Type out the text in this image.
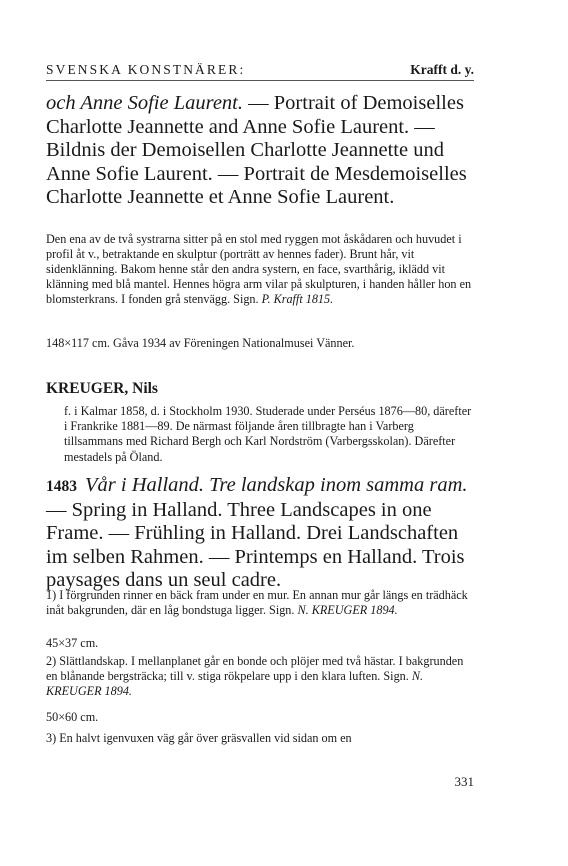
SVENSKA KONSTNÄRER:	Krafft d. y.
och Anne Sofie Laurent. — Portrait of Demoiselles Charlotte Jeannette and Anne Sofie Laurent. — Bildnis der Demoisellen Charlotte Jeannette und Anne Sofie Laurent. — Portrait de Mesdemoiselles Charlotte Jeannette et Anne Sofie Laurent.
Den ena av de två systrarna sitter på en stol med ryggen mot åskådaren och huvudet i profil åt v., betraktande en skulptur (porträtt av hennes fader). Brunt hår, vit sidenklänning. Bakom henne står den andra systern, en face, svarthårig, iklädd vit klänning med blå mantel. Hennes högra arm vilar på skulpturen, i handen håller hon en blomsterkrans. I fonden grå stenvägg. Sign. P. Krafft 1815.
148×117 cm. Gåva 1934 av Föreningen Nationalmusei Vänner.
KREUGER, Nils
f. i Kalmar 1858, d. i Stockholm 1930. Studerade under Perséus 1876—80, därefter i Frankrike 1881—89. De närmast följande åren tillbragte han i Varberg tillsammans med Richard Bergh och Karl Nordström (Varbergsskolan). Därefter mestadels på Öland.
1483 Vår i Halland. Tre landskap inom samma ram. — Spring in Halland. Three Landscapes in one Frame. — Frühling in Halland. Drei Landschaften im selben Rahmen. — Printemps en Halland. Trois paysages dans un seul cadre.
1) I förgrunden rinner en bäck fram under en mur. En annan mur går längs en trädhäck inåt bakgrunden, där en låg bondstuga ligger. Sign. N. KREUGER 1894.
45×37 cm.
2) Slättlandskap. I mellanplanet går en bonde och plöjer med två hästar. I bakgrunden en blånande bergsträcka; till v. stiga rökpelare upp i den klara luften. Sign. N. KREUGER 1894.
50×60 cm.
3) En halvt igenvuxen väg går över gräsvallen vid sidan om en
331
